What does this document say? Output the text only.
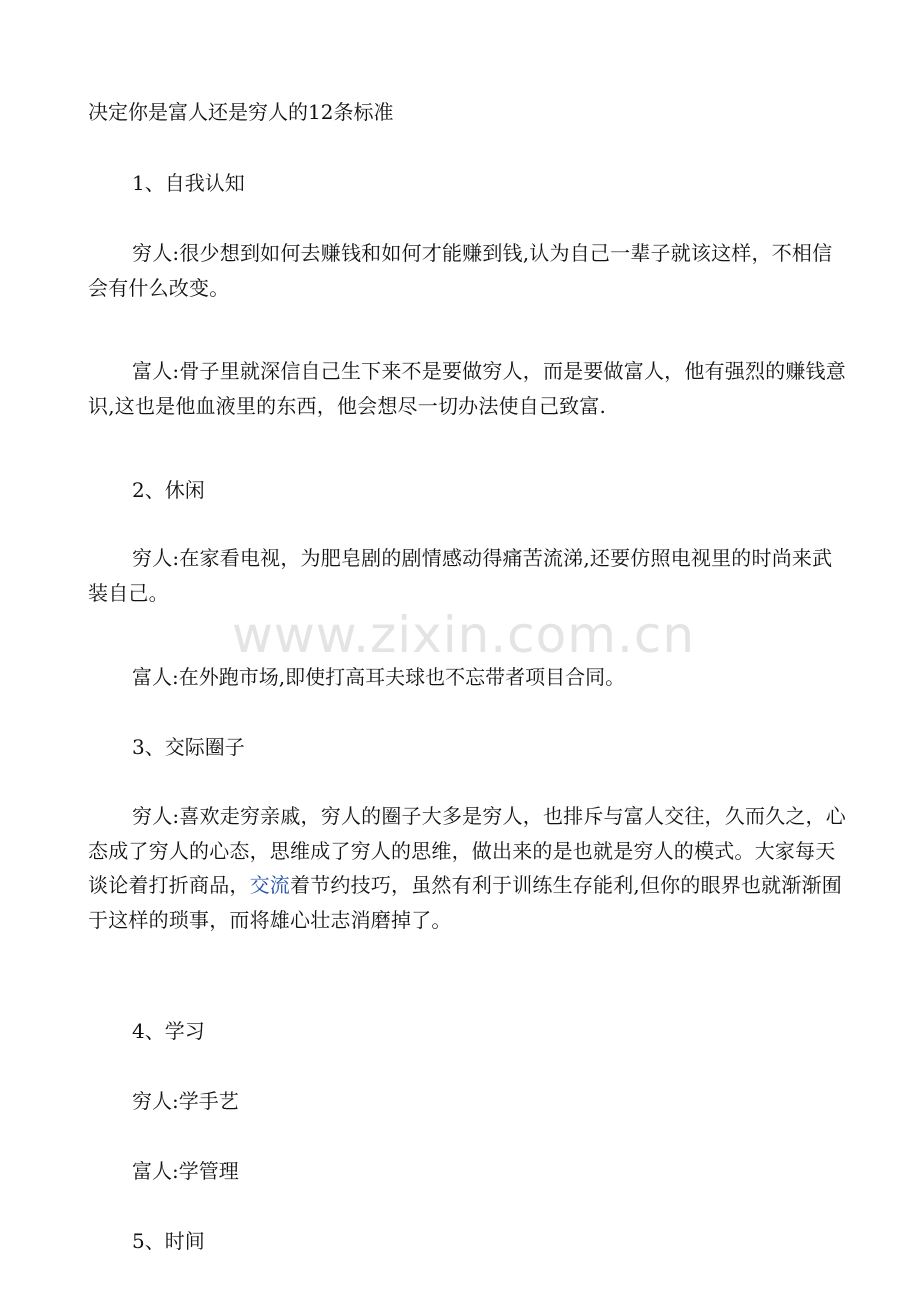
决定你是富人还是穷人的12条标准
1、自我认知
穷人:很少想到如何去赚钱和如何才能赚到钱,认为自己一辈子就该这样，不相信会有什么改变。
富人:骨子里就深信自己生下来不是要做穷人，而是要做富人，他有强烈的赚钱意识,这也是他血液里的东西，他会想尽一切办法使自己致富.
2、休闲
穷人:在家看电视，为肥皂剧的剧情感动得痛苦流涕,还要仿照电视里的时尚来武装自己。
www.zixin.com.cn
富人:在外跑市场,即使打高耳夫球也不忘带者项目合同。
3、交际圈子
穷人:喜欢走穷亲戚，穷人的圈子大多是穷人，也排斥与富人交往，久而久之，心态成了穷人的心态，思维成了穷人的思维，做出来的是也就是穷人的模式。大家每天谈论着打折商品，交流着节约技巧，虽然有利于训练生存能利,但你的眼界也就渐渐囿于这样的琐事，而将雄心壮志消磨掉了。
4、学习
穷人:学手艺
富人:学管理
5、时间
